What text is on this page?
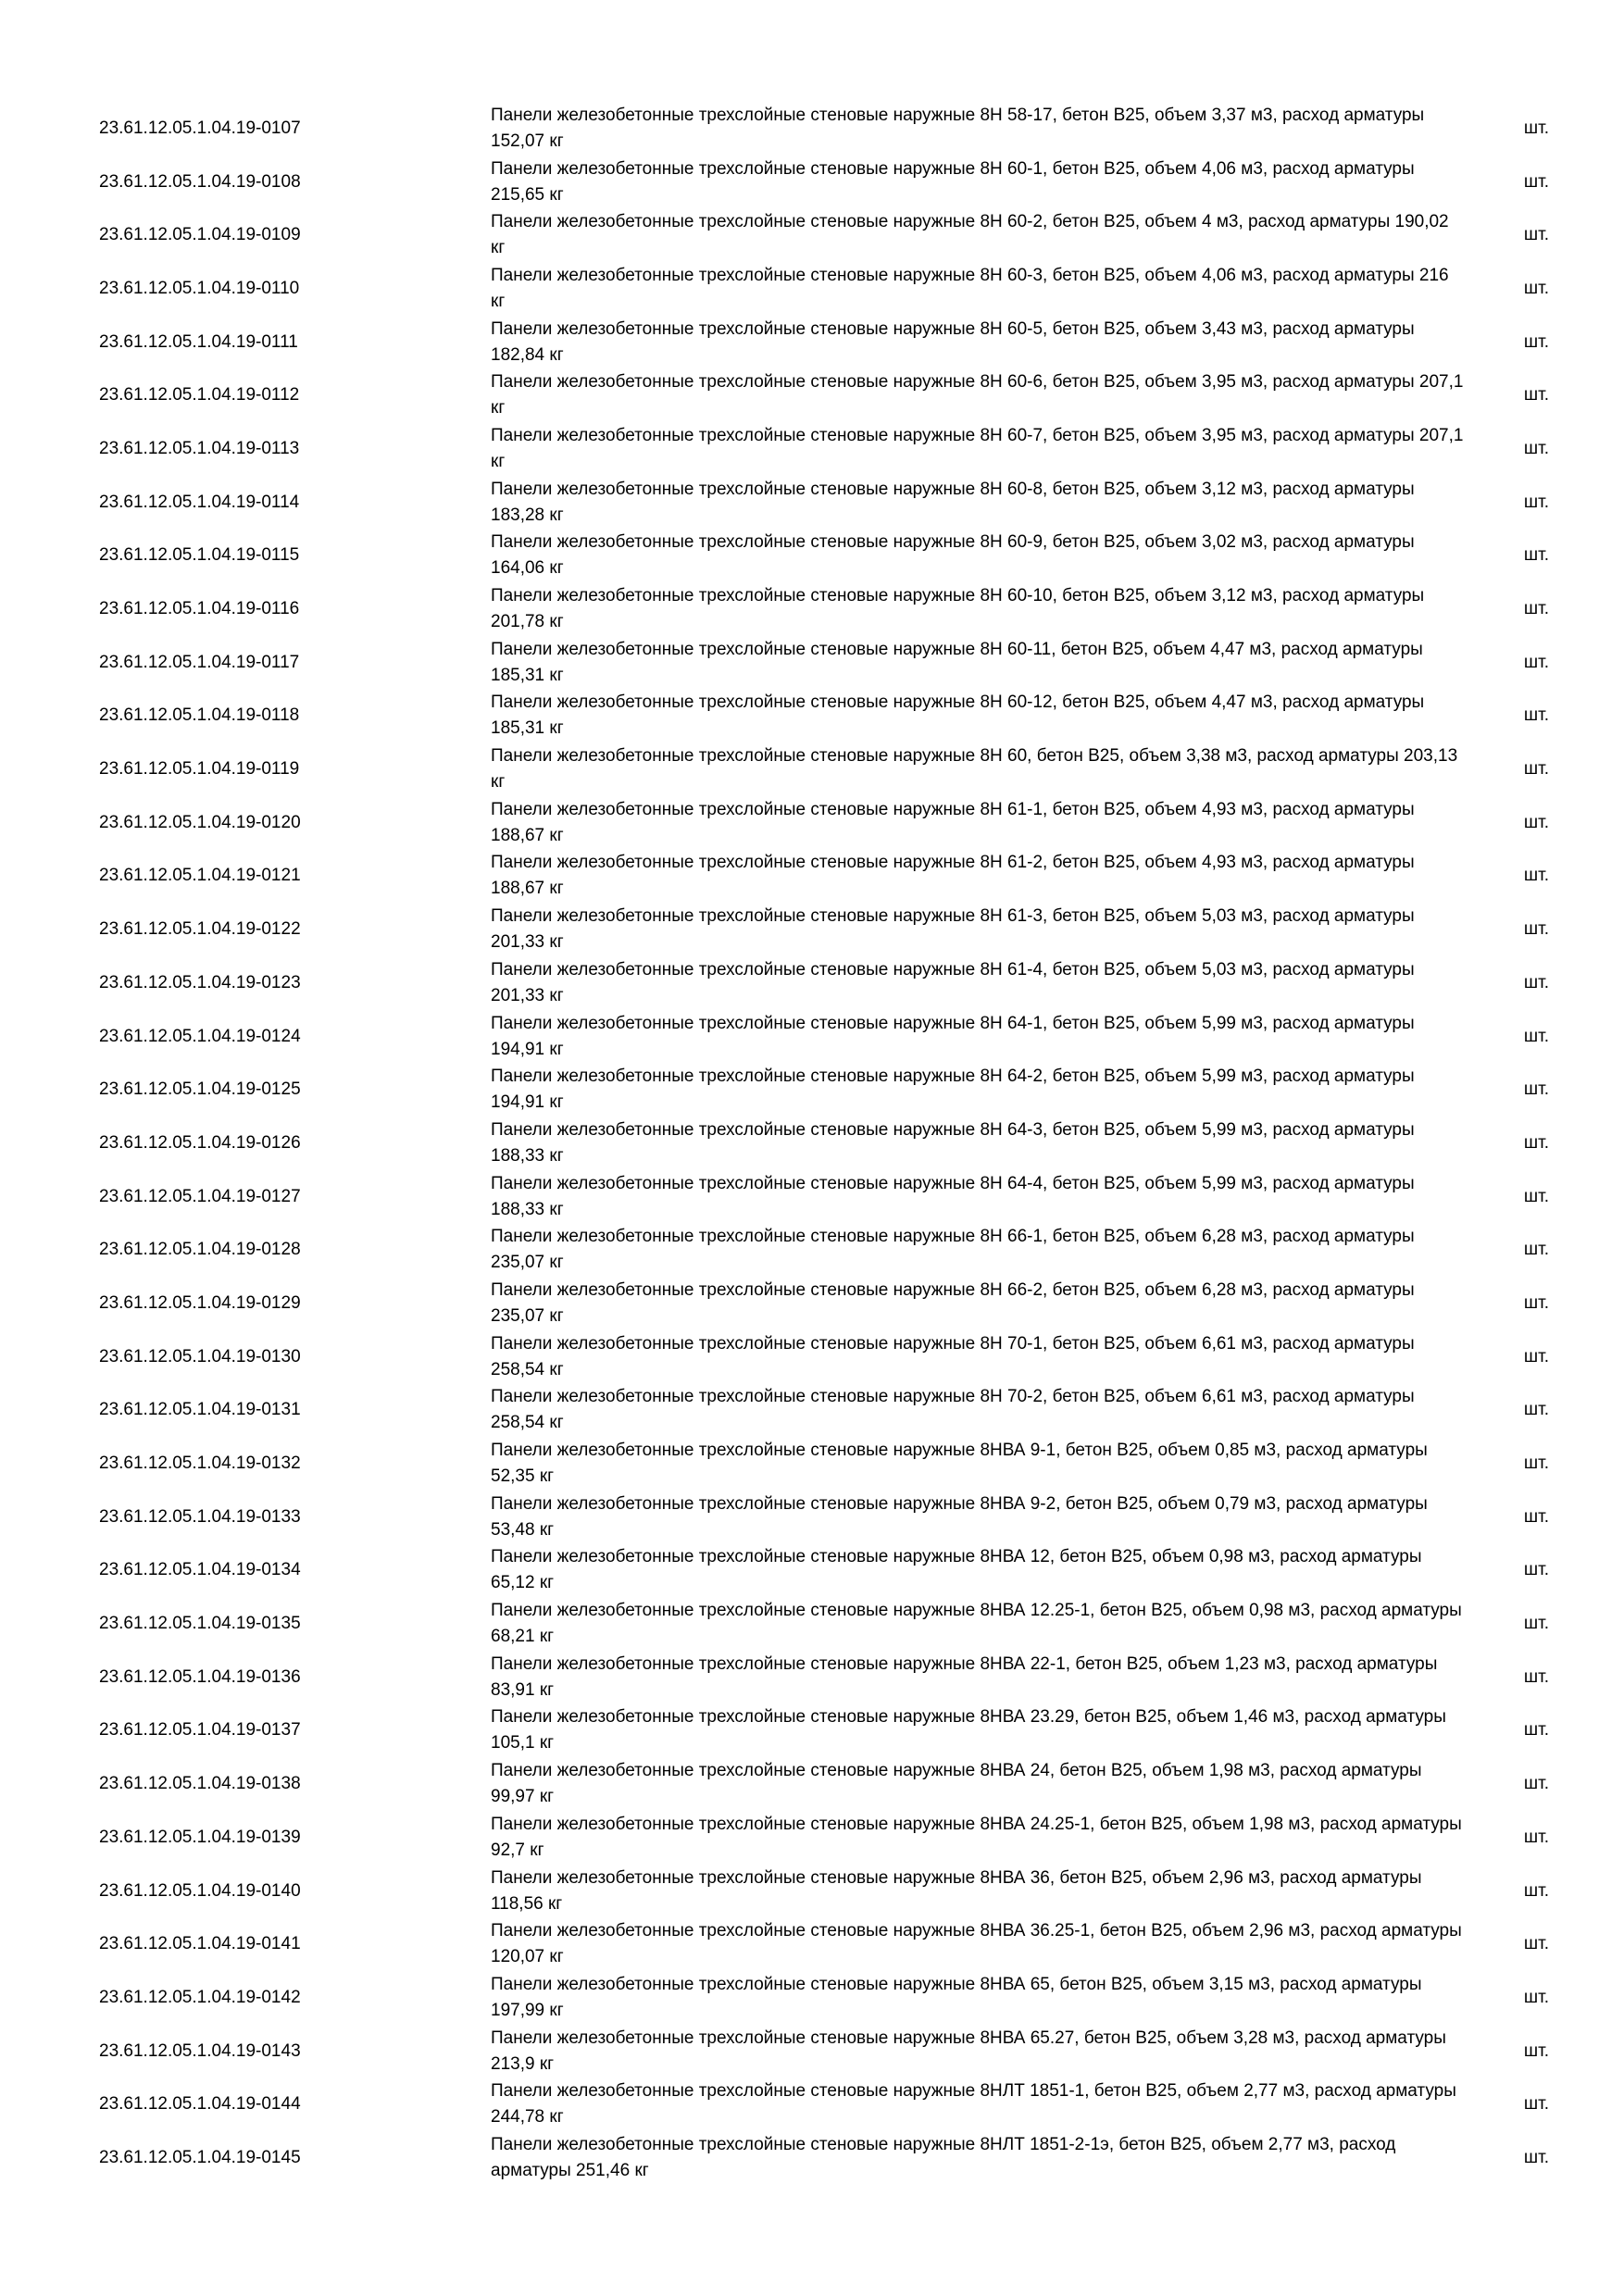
23.61.12.05.1.04.19-0107
Панели железобетонные трехслойные стеновые наружные 8Н 58-17, бетон В25, объем 3,37 м3, расход арматуры 152,07 кг
шт.
23.61.12.05.1.04.19-0108
Панели железобетонные трехслойные стеновые наружные 8Н 60-1, бетон В25, объем 4,06 м3, расход арматуры 215,65 кг
шт.
23.61.12.05.1.04.19-0109
Панели железобетонные трехслойные стеновые наружные 8Н 60-2, бетон В25, объем 4 м3, расход арматуры 190,02 кг
шт.
23.61.12.05.1.04.19-0110
Панели железобетонные трехслойные стеновые наружные 8Н 60-3, бетон В25, объем 4,06 м3, расход арматуры 216 кг
шт.
23.61.12.05.1.04.19-0111
Панели железобетонные трехслойные стеновые наружные 8Н 60-5, бетон В25, объем 3,43 м3, расход арматуры 182,84 кг
шт.
23.61.12.05.1.04.19-0112
Панели железобетонные трехслойные стеновые наружные 8Н 60-6, бетон В25, объем 3,95 м3, расход арматуры 207,1 кг
шт.
23.61.12.05.1.04.19-0113
Панели железобетонные трехслойные стеновые наружные 8Н 60-7, бетон В25, объем 3,95 м3, расход арматуры 207,1 кг
шт.
23.61.12.05.1.04.19-0114
Панели железобетонные трехслойные стеновые наружные 8Н 60-8, бетон В25, объем 3,12 м3, расход арматуры 183,28 кг
шт.
23.61.12.05.1.04.19-0115
Панели железобетонные трехслойные стеновые наружные 8Н 60-9, бетон В25, объем 3,02 м3, расход арматуры 164,06 кг
шт.
23.61.12.05.1.04.19-0116
Панели железобетонные трехслойные стеновые наружные 8Н 60-10, бетон В25, объем 3,12 м3, расход арматуры 201,78 кг
шт.
23.61.12.05.1.04.19-0117
Панели железобетонные трехслойные стеновые наружные 8Н 60-11, бетон В25, объем 4,47 м3, расход арматуры 185,31 кг
шт.
23.61.12.05.1.04.19-0118
Панели железобетонные трехслойные стеновые наружные 8Н 60-12, бетон В25, объем 4,47 м3, расход арматуры 185,31 кг
шт.
23.61.12.05.1.04.19-0119
Панели железобетонные трехслойные стеновые наружные 8Н 60, бетон В25, объем 3,38 м3, расход арматуры 203,13 кг
шт.
23.61.12.05.1.04.19-0120
Панели железобетонные трехслойные стеновые наружные 8Н 61-1, бетон В25, объем 4,93 м3, расход арматуры 188,67 кг
шт.
23.61.12.05.1.04.19-0121
Панели железобетонные трехслойные стеновые наружные 8Н 61-2, бетон В25, объем 4,93 м3, расход арматуры 188,67 кг
шт.
23.61.12.05.1.04.19-0122
Панели железобетонные трехслойные стеновые наружные 8Н 61-3, бетон В25, объем 5,03 м3, расход арматуры 201,33 кг
шт.
23.61.12.05.1.04.19-0123
Панели железобетонные трехслойные стеновые наружные 8Н 61-4, бетон В25, объем 5,03 м3, расход арматуры 201,33 кг
шт.
23.61.12.05.1.04.19-0124
Панели железобетонные трехслойные стеновые наружные 8Н 64-1, бетон В25, объем 5,99 м3, расход арматуры 194,91 кг
шт.
23.61.12.05.1.04.19-0125
Панели железобетонные трехслойные стеновые наружные 8Н 64-2, бетон В25, объем 5,99 м3, расход арматуры 194,91 кг
шт.
23.61.12.05.1.04.19-0126
Панели железобетонные трехслойные стеновые наружные 8Н 64-3, бетон В25, объем 5,99 м3, расход арматуры 188,33 кг
шт.
23.61.12.05.1.04.19-0127
Панели железобетонные трехслойные стеновые наружные 8Н 64-4, бетон В25, объем 5,99 м3, расход арматуры 188,33 кг
шт.
23.61.12.05.1.04.19-0128
Панели железобетонные трехслойные стеновые наружные 8Н 66-1, бетон В25, объем 6,28 м3, расход арматуры 235,07 кг
шт.
23.61.12.05.1.04.19-0129
Панели железобетонные трехслойные стеновые наружные 8Н 66-2, бетон В25, объем 6,28 м3, расход арматуры 235,07 кг
шт.
23.61.12.05.1.04.19-0130
Панели железобетонные трехслойные стеновые наружные 8Н 70-1, бетон В25, объем 6,61 м3, расход арматуры 258,54 кг
шт.
23.61.12.05.1.04.19-0131
Панели железобетонные трехслойные стеновые наружные 8Н 70-2, бетон В25, объем 6,61 м3, расход арматуры 258,54 кг
шт.
23.61.12.05.1.04.19-0132
Панели железобетонные трехслойные стеновые наружные 8НВА 9-1, бетон В25, объем 0,85 м3, расход арматуры 52,35 кг
шт.
23.61.12.05.1.04.19-0133
Панели железобетонные трехслойные стеновые наружные 8НВА 9-2, бетон В25, объем 0,79 м3, расход арматуры 53,48 кг
шт.
23.61.12.05.1.04.19-0134
Панели железобетонные трехслойные стеновые наружные 8НВА 12, бетон В25, объем 0,98 м3, расход арматуры 65,12 кг
шт.
23.61.12.05.1.04.19-0135
Панели железобетонные трехслойные стеновые наружные 8НВА 12.25-1, бетон В25, объем 0,98 м3, расход арматуры 68,21 кг
шт.
23.61.12.05.1.04.19-0136
Панели железобетонные трехслойные стеновые наружные 8НВА 22-1, бетон В25, объем 1,23 м3, расход арматуры 83,91 кг
шт.
23.61.12.05.1.04.19-0137
Панели железобетонные трехслойные стеновые наружные 8НВА 23.29, бетон В25, объем 1,46 м3, расход арматуры 105,1 кг
шт.
23.61.12.05.1.04.19-0138
Панели железобетонные трехслойные стеновые наружные 8НВА 24, бетон В25, объем 1,98 м3, расход арматуры 99,97 кг
шт.
23.61.12.05.1.04.19-0139
Панели железобетонные трехслойные стеновые наружные 8НВА 24.25-1, бетон В25, объем 1,98 м3, расход арматуры 92,7 кг
шт.
23.61.12.05.1.04.19-0140
Панели железобетонные трехслойные стеновые наружные 8НВА 36, бетон В25, объем 2,96 м3, расход арматуры 118,56 кг
шт.
23.61.12.05.1.04.19-0141
Панели железобетонные трехслойные стеновые наружные 8НВА 36.25-1, бетон В25, объем 2,96 м3, расход арматуры 120,07 кг
шт.
23.61.12.05.1.04.19-0142
Панели железобетонные трехслойные стеновые наружные 8НВА 65, бетон В25, объем 3,15 м3, расход арматуры 197,99 кг
шт.
23.61.12.05.1.04.19-0143
Панели железобетонные трехслойные стеновые наружные 8НВА 65.27, бетон В25, объем 3,28 м3, расход арматуры 213,9 кг
шт.
23.61.12.05.1.04.19-0144
Панели железобетонные трехслойные стеновые наружные 8НЛТ 1851-1, бетон В25, объем 2,77 м3, расход арматуры 244,78 кг
шт.
23.61.12.05.1.04.19-0145
Панели железобетонные трехслойные стеновые наружные 8НЛТ 1851-2-1э, бетон В25, объем 2,77 м3, расход арматуры 251,46 кг
шт.
